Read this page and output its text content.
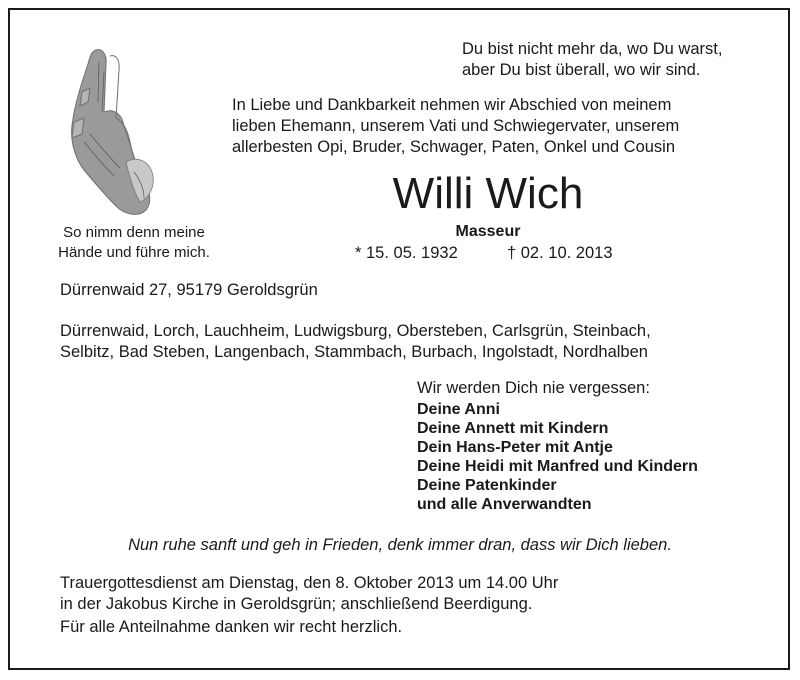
Du bist nicht mehr da, wo Du warst,
aber Du bist überall, wo wir sind.
In Liebe und Dankbarkeit nehmen wir Abschied von meinem
lieben Ehemann, unserem Vati und Schwiegervater, unserem
allerbesten Opi, Bruder, Schwager, Paten, Onkel und Cousin
Willi Wich
Masseur
* 15. 05. 1932	† 02. 10. 2013
So nimm denn meine
Hände und führe mich.
Dürrenwaid 27, 95179 Geroldsgrün
Dürrenwaid, Lorch, Lauchheim, Ludwigsburg, Obersteben, Carlsgrün, Steinbach,
Selbitz, Bad Steben, Langenbach, Stammbach, Burbach, Ingolstadt, Nordhalben
Wir werden Dich nie vergessen:
Deine Anni
Deine Annett mit Kindern
Dein Hans-Peter mit Antje
Deine Heidi mit Manfred und Kindern
Deine Patenkinder
und alle Anverwandten
Nun ruhe sanft und geh in Frieden, denk immer dran, dass wir Dich lieben.
Trauergottesdienst am Dienstag, den 8. Oktober 2013 um 14.00 Uhr
in der Jakobus Kirche in Geroldsgrün; anschließend Beerdigung.
Für alle Anteilnahme danken wir recht herzlich.
